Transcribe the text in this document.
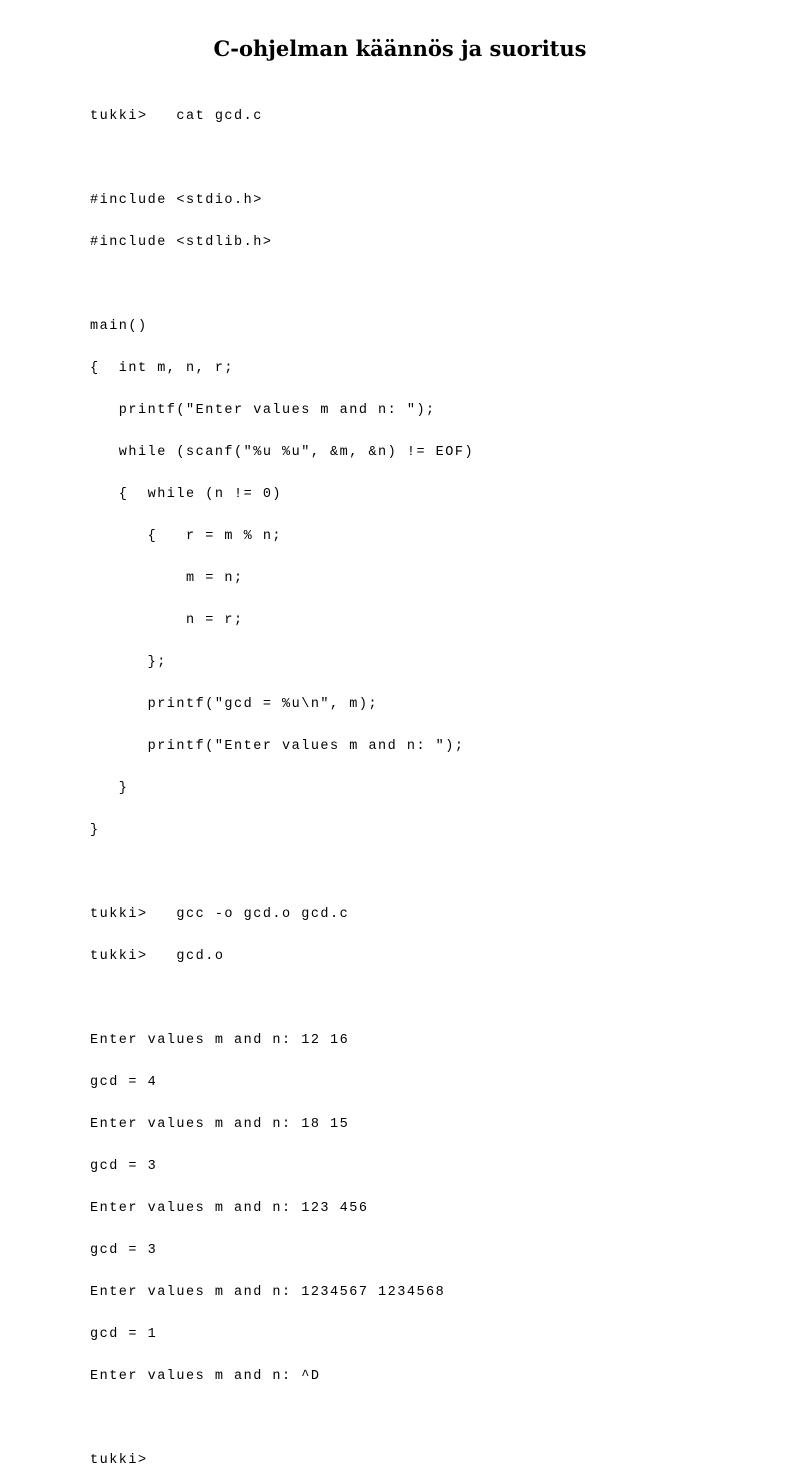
C-ohjelman käännös ja suoritus

tukki>   cat gcd.c

#include <stdio.h>

#include <stdlib.h>

main()

{  int m, n, r;

printf("Enter values m and n: ");

while (scanf("%u %u", &m, &n) != EOF)

{  while (n != 0)

{   r = m % n;

m = n;

n = r;

};

printf("gcd = %u\n", m);

printf("Enter values m and n: ");

}

}

tukki>   gcc -o gcd.o gcd.c

tukki>   gcd.o

Enter values m and n: 12 16

gcd = 4

Enter values m and n: 18 15

gcd = 3

Enter values m and n: 123 456

gcd = 3

Enter values m and n: 1234567 1234568

gcd = 1

Enter values m and n: ^D

tukki>
